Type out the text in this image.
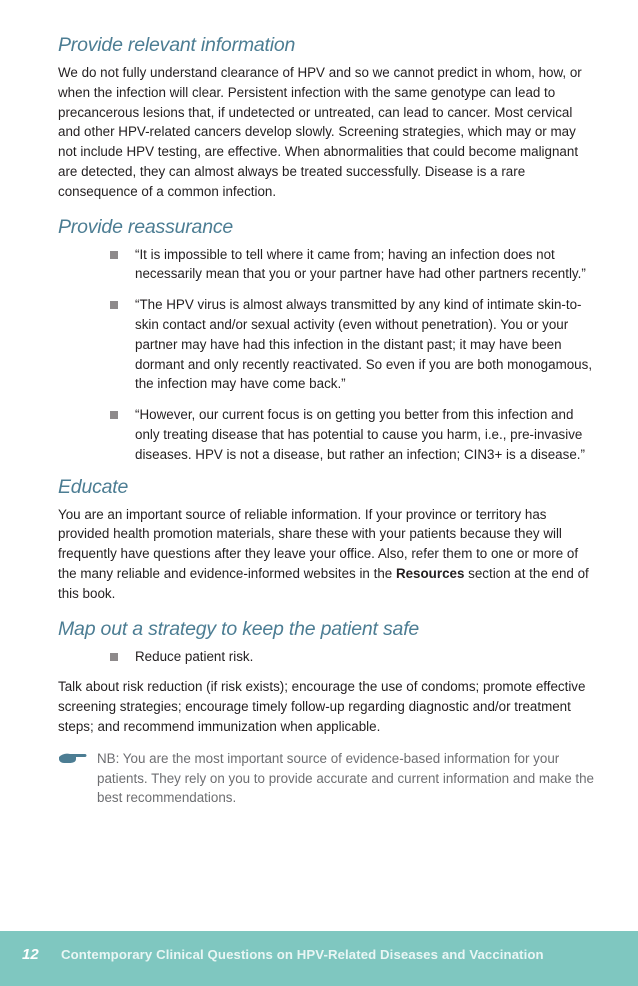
Provide relevant information

We do not fully understand clearance of HPV and so we cannot predict in whom, how, or when the infection will clear. Persistent infection with the same genotype can lead to precancerous lesions that, if undetected or untreated, can lead to cancer. Most cervical and other HPV-related cancers develop slowly. Screening strategies, which may or may not include HPV testing, are effective. When abnormalities that could become malignant are detected, they can almost always be treated successfully. Disease is a rare consequence of a common infection.

Provide reassurance
“It is impossible to tell where it came from; having an infection does not necessarily mean that you or your partner have had other partners recently.”
“The HPV virus is almost always transmitted by any kind of intimate skin-to-skin contact and/or sexual activity (even without penetration). You or your partner may have had this infection in the distant past; it may have been dormant and only recently reactivated. So even if you are both monogamous, the infection may have come back.”
“However, our current focus is on getting you better from this infection and only treating disease that has potential to cause you harm, i.e., pre-invasive diseases. HPV is not a disease, but rather an infection; CIN3+ is a disease.”
Educate

You are an important source of reliable information. If your province or territory has provided health promotion materials, share these with your patients because they will frequently have questions after they leave your office. Also, refer them to one or more of the many reliable and evidence-informed websites in the Resources section at the end of this book.

Map out a strategy to keep the patient safe
Reduce patient risk.

Talk about risk reduction (if risk exists); encourage the use of condoms; promote effective screening strategies; encourage timely follow-up regarding diagnostic and/or treatment steps; and recommend immunization when applicable.

NB: You are the most important source of evidence-based information for your patients. They rely on you to provide accurate and current information and make the best recommendations.
12 Contemporary Clinical Questions on HPV-Related Diseases and Vaccination
